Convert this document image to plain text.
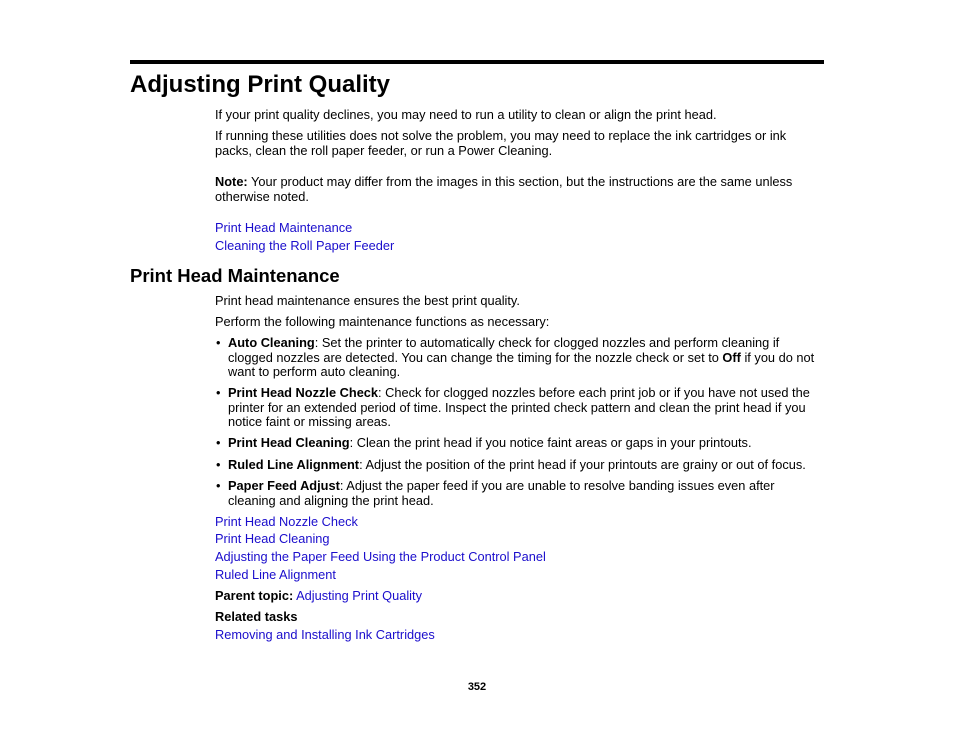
Adjusting Print Quality
If your print quality declines, you may need to run a utility to clean or align the print head.
If running these utilities does not solve the problem, you may need to replace the ink cartridges or ink packs, clean the roll paper feeder, or run a Power Cleaning.
Note: Your product may differ from the images in this section, but the instructions are the same unless otherwise noted.
Print Head Maintenance
Cleaning the Roll Paper Feeder
Print Head Maintenance
Print head maintenance ensures the best print quality.
Perform the following maintenance functions as necessary:
• Auto Cleaning: Set the printer to automatically check for clogged nozzles and perform cleaning if clogged nozzles are detected. You can change the timing for the nozzle check or set to Off if you do not want to perform auto cleaning.
• Print Head Nozzle Check: Check for clogged nozzles before each print job or if you have not used the printer for an extended period of time. Inspect the printed check pattern and clean the print head if you notice faint or missing areas.
• Print Head Cleaning: Clean the print head if you notice faint areas or gaps in your printouts.
• Ruled Line Alignment: Adjust the position of the print head if your printouts are grainy or out of focus.
• Paper Feed Adjust: Adjust the paper feed if you are unable to resolve banding issues even after cleaning and aligning the print head.
Print Head Nozzle Check
Print Head Cleaning
Adjusting the Paper Feed Using the Product Control Panel
Ruled Line Alignment
Parent topic: Adjusting Print Quality
Related tasks
Removing and Installing Ink Cartridges
352
